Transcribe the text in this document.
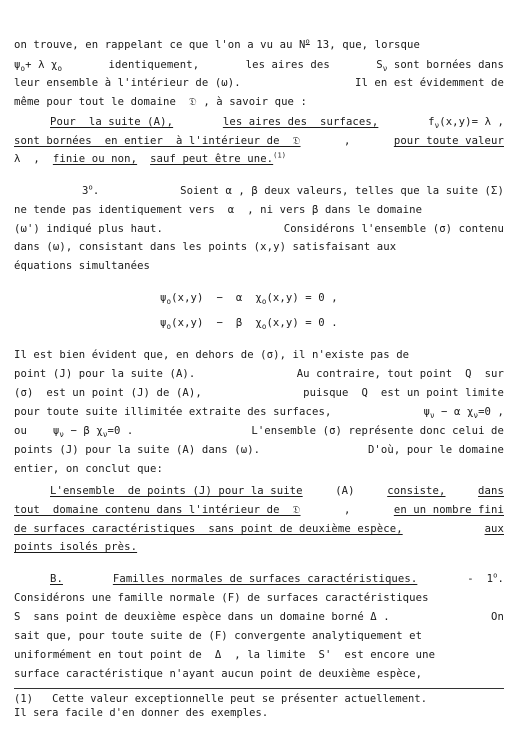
on trouve, en rappelant ce que l'on a vu au $N^o$ 13, que, lorsque
$\psi_o+ \lambda$ $\chi_o$	identiquement,	les aires des	$S_\nu$ sont bornées dans
leur ensemble à l'intérieur de (ω).	Il en est évidemment de
même pour tout le domaine  𝔇 , à savoir que :
Pour  la suite (A),	les aires des  surfaces,	$f_\nu(x,y)= \lambda$ ,
sont bornées  en entier  à l'intérieur de  𝔇	,	pour toute valeur
λ  ,  finie ou non, sauf peut être une.$^{(1)}$
3$^o$.	Soient α , β deux valeurs, telles que la suite (Σ)
ne tende pas identiquement vers  α  , ni vers β dans le domaine
(ω') indiqué plus haut.	Considérons l'ensemble (σ) contenu
dans (ω), consistant dans les points (x,y) satisfaisant aux
équations simultanées
$\psi_o(x,y) - \alpha$  $\chi_o(x,y) = 0$ ,
$\psi_o(x,y) - \beta$  $\chi_o(x,y) = 0$ .
Il est bien évident que, en dehors de (σ), il n'existe pas de
point (J) pour la suite (A).	Au contraire, tout point  Q  sur
(σ)  est un point (J) de (A),	puisque  Q  est un point limite
pour toute suite illimitée extraite des surfaces,	$\psi_\nu - \alpha$ $\chi_\nu=0$ ,
ou    $\psi_\nu - \beta$ $\chi_\nu=0$ .	L'ensemble (σ) représente donc celui de
points (J) pour la suite (A) dans (ω).	D'où, pour le domaine
entier, on conclut que:
L'ensemble  de points (J) pour la suite	(A)	consiste,	dans
tout  domaine contenu dans l'intérieur de  𝔇	,	en un nombre fini
de surfaces caractéristiques  sans point de deuxième espèce,	aux
points isolés près.
B.	Familles normales de surfaces caractéristiques.	-  1$^o$.
Considérons une famille normale (F) de surfaces caractéristiques
S  sans point de deuxième espèce dans un domaine borné Δ .	On
sait que, pour toute suite de (F) convergente analytiquement et
uniformément en tout point de  Δ  , la limite  S'  est encore une
surface caractéristique n'ayant aucun point de deuxième espèce,
(1)   Cette valeur exceptionnelle peut se présenter actuellement.
Il sera facile d'en donner des exemples.
